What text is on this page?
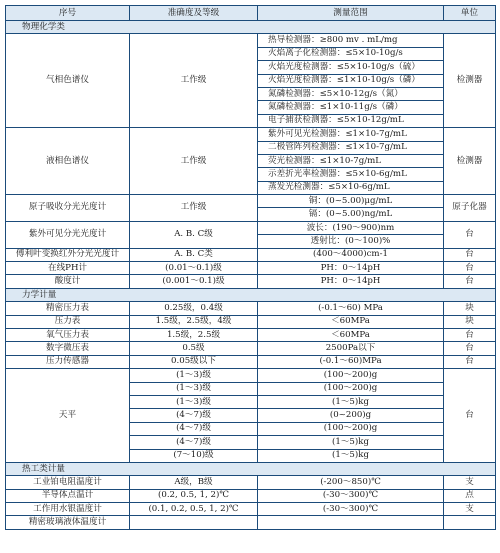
序号	准确度及等级	测量范围	单位
物理化学类			
气相色谱仪	工作级	热导检测器：≥800 mv . mL/mg	检测器
		火焰离子化检测器：≤5×10-10g/s	
		火焰光度检测器：≤5×10-10g/s（硫）	
		火焰光度检测器：≤1×10-10g/s（磷）	
		氮磷检测器：≤5×10-12g/s（氮）	
		氮磷检测器：≤1×10-11g/s（磷）	
		电子捕获检测器：≤5×10-12g/mL	
液相色谱仪	工作级	紫外可见光检测器：≤1×10-7g/mL	检测器
		二极管阵列检测器：≤1×10-7g/mL	
		荧光检测器：≤1×10-7g/mL	
		示差折光率检测器：≤5×10-6g/mL	
		蒸发光检测器：≤5×10-6g/mL	
原子吸收分光光度计	工作级	铜：(0~5.00)μg/mL	原子化器
		镉：(0~5.00)ng/mL	
紫外可见分光光度计	A. B. C级	波长：(190～900)nm	台
		透射比：(0～100)%	
傅利叶变换红外分光光度计	A. B. C类	(400～4000)cm-1	台
在线PH计	(0.01～0.1)级	PH：0～14pH	台
酸度计	(0.001～0.1)级	PH：0～14pH	台
力学计量			
精密压力表	0.25级，0.4级	(-0.1～60) MPa	块
压力表	1.5级，2.5级，4级	＜60MPa	块
氧气压力表	1.5级，2.5级	＜60MPa	台
数字微压表	0.5级	2500Pa以下	台
压力传感器	0.05级以下	(-0.1～60)MPa	台
天平	(1～3)级	(100～200)g	台
	(1～3)级	(100～200)g	
	(1～3)级	(1～5)kg	
	(4～7)级	(0~200)g	
	(4～7)级	(100～200)g	
	(4～7)级	(1～5)kg	
	(7～10)级	(1～5)kg	
热工类计量			
工业铂电阻温度计	A级，B级	(-200～850)℃	支
半导体点温计	(0.2, 0.5, 1, 2)℃	(-30～300)℃	点
工作用水银温度计	(0.1, 0.2, 0.5, 1, 2)℃	(-30～300)℃	支
精密玻璃液体温度计			
